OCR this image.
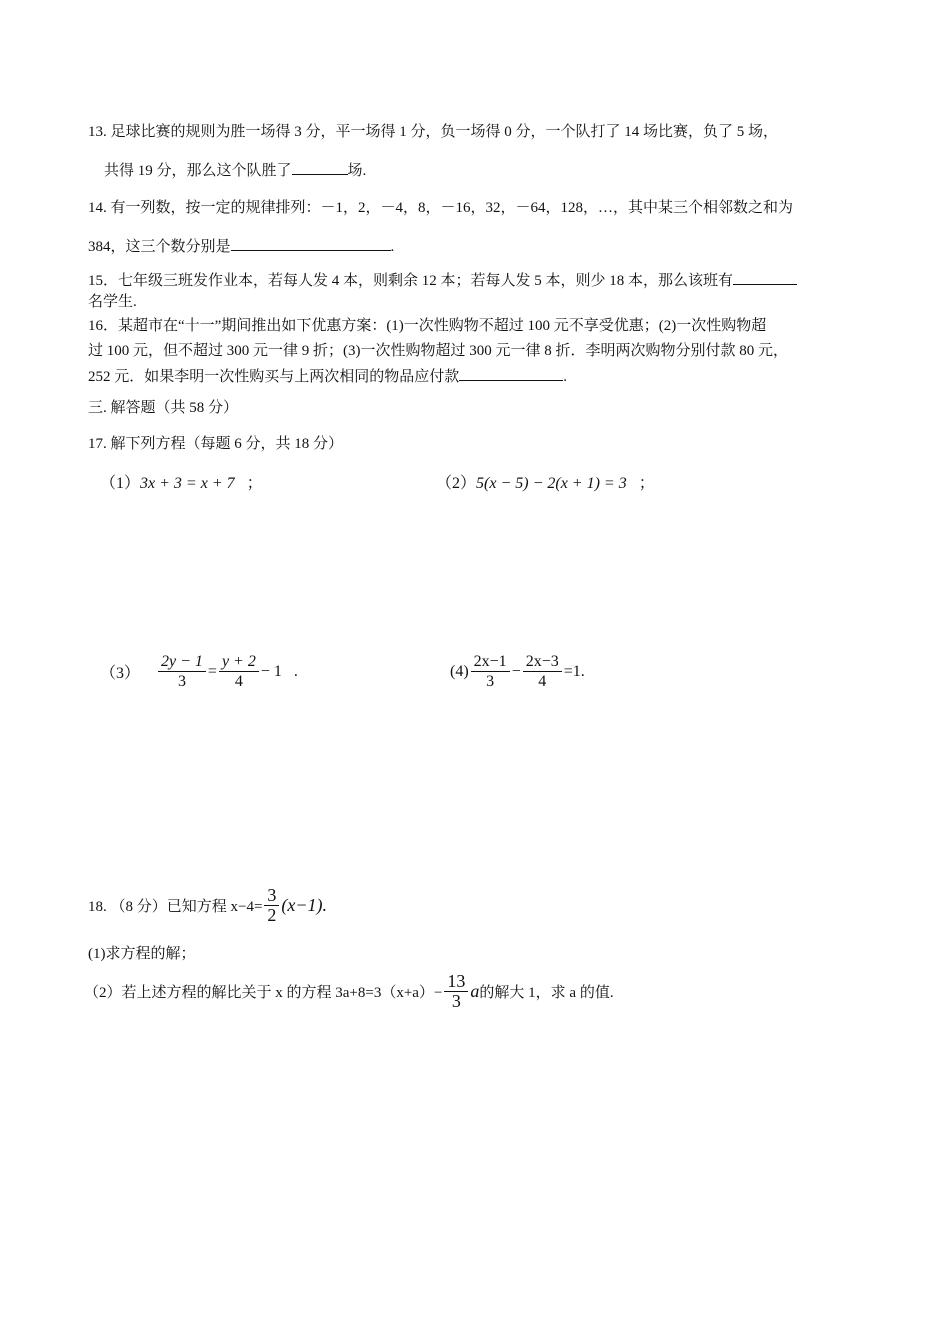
13. 足球比赛的规则为胜一场得 3 分，平一场得 1 分，负一场得 0 分，一个队打了 14 场比赛，负了 5 场，
共得 19 分，那么这个队胜了	场.
14. 有一列数，按一定的规律排列：－1，2，－4，8，－16，32，－64，128，…，其中某三个相邻数之和为
384，这三个数分别是	.
15．七年级三班发作业本，若每人发 4 本，则剩余 12 本；若每人发 5 本，则少 18 本，那么该班有
名学生.
16．某超市在“十一”期间推出如下优惠方案：(1)一次性购物不超过 100 元不享受优惠；(2)一次性购物超
过 100 元，但不超过 300 元一律 9 折；(3)一次性购物超过 300 元一律 8 折．李明两次购物分别付款 80 元，
252 元．如果李明一次性购买与上两次相同的物品应付款	.
三. 解答题（共 58 分）
17. 解下列方程（每题 6 分，共 18 分）
（1）3x + 3 = x + 7 ；	（2）5(x − 5) − 2(x + 1) = 3 ；
$(3) \frac{2y - 1}{3} = \frac{y + 2}{4} - 1$ .	$(4) \frac{2x-1}{3} - \frac{2x-3}{4} =1$.
18. （8 分）已知方程 $x-4= \frac{3}{2} (x-1)$.
(1)求方程的解；
（2）若上述方程的解比关于 x 的方程 $3a+8=3(x+a)- \frac{13}{3}$ a 的解大 1，求 a 的值.
